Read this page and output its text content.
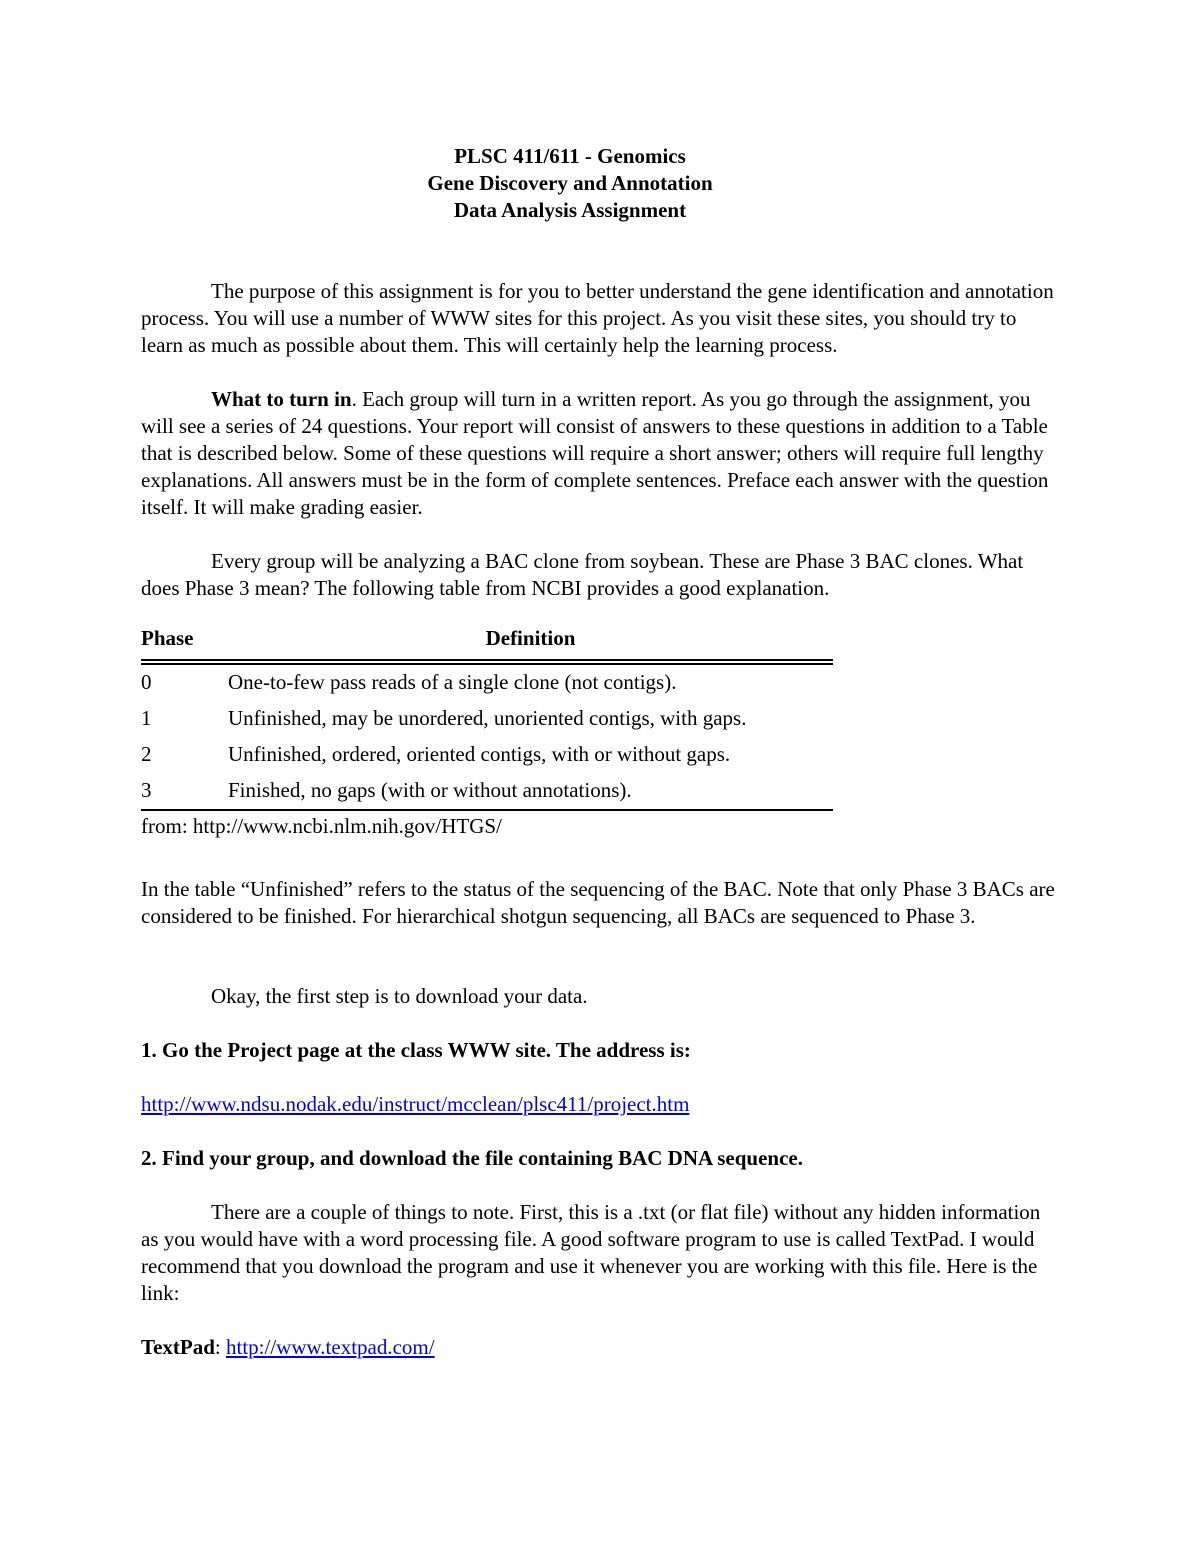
PLSC 411/611 - Genomics
Gene Discovery and Annotation
Data Analysis Assignment

The purpose of this assignment is for you to better understand the gene identification and annotation process. You will use a number of WWW sites for this project. As you visit these sites, you should try to learn as much as possible about them. This will certainly help the learning process.

What to turn in. Each group will turn in a written report. As you go through the assignment, you will see a series of 24 questions. Your report will consist of answers to these questions in addition to a Table that is described below. Some of these questions will require a short answer; others will require full lengthy explanations. All answers must be in the form of complete sentences. Preface each answer with the question itself. It will make grading easier.

Every group will be analyzing a BAC clone from soybean. These are Phase 3 BAC clones. What does Phase 3 mean? The following table from NCBI provides a good explanation.

Phase	Definition
0	One-to-few pass reads of a single clone (not contigs).
1	Unfinished, may be unordered, unoriented contigs, with gaps.
2	Unfinished, ordered, oriented contigs, with or without gaps.
3	Finished, no gaps (with or without annotations).

from: http://www.ncbi.nlm.nih.gov/HTGS/

In the table “Unfinished” refers to the status of the sequencing of the BAC. Note that only Phase 3 BACs are considered to be finished. For hierarchical shotgun sequencing, all BACs are sequenced to Phase 3.

Okay, the first step is to download your data.

1. Go the Project page at the class WWW site. The address is:

http://www.ndsu.nodak.edu/instruct/mcclean/plsc411/project.htm

2. Find your group, and download the file containing BAC DNA sequence.

There are a couple of things to note. First, this is a .txt (or flat file) without any hidden information as you would have with a word processing file. A good software program to use is called TextPad. I would recommend that you download the program and use it whenever you are working with this file. Here is the link:

TextPad: http://www.textpad.com/
